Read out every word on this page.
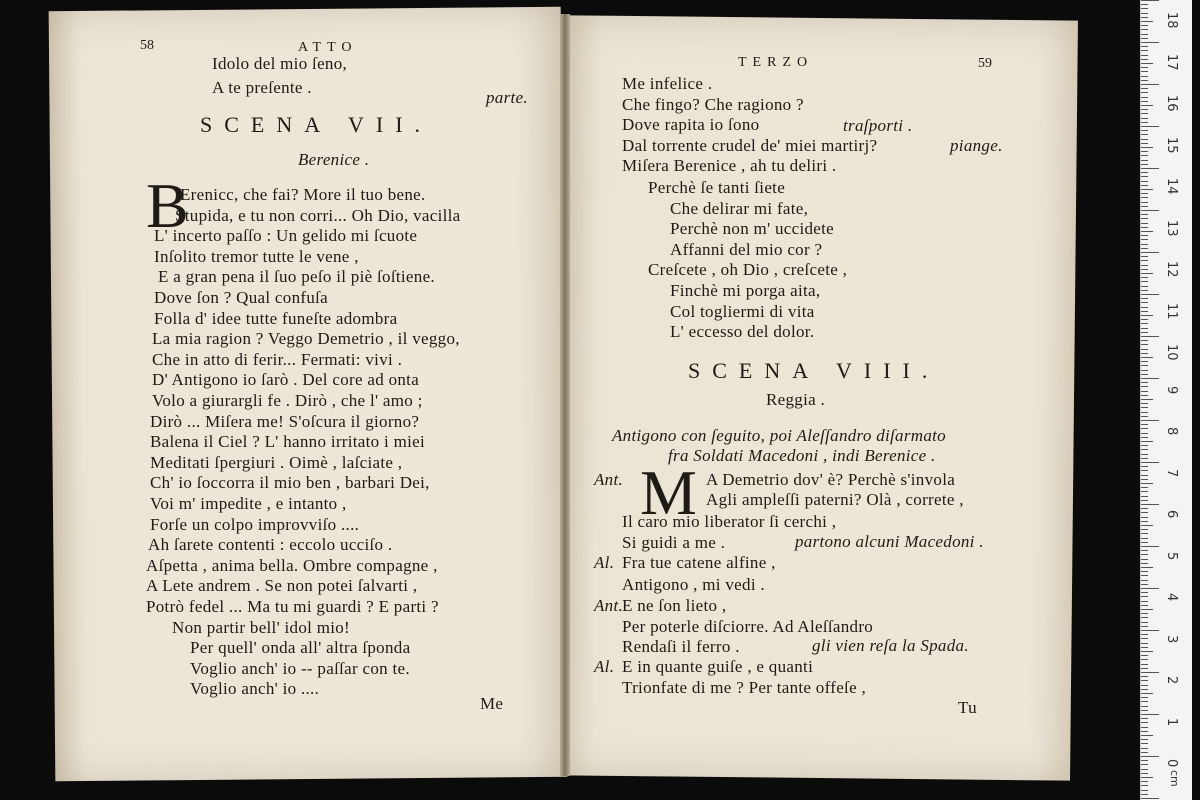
58	ATTO
Idolo del mio ſeno,
A te preſente .
parte.
SCENA VII.
Berenice .
B
Erenicc, che fai? More il tuo bene.
Stupida, e tu non corri... Oh Dio, vacilla
L' incerto paſſo : Un gelido mi ſcuote
Inſolito tremor tutte le vene ,
E a gran pena il ſuo peſo il piè ſoſtiene.
Dove ſon ? Qual confuſa
Folla d' idee tutte funeſte adombra
La mia ragion ? Veggo Demetrio , il veggo,
Che in atto di ferir... Fermati: vivi .
D' Antigono io ſarò . Del core ad onta
Volo a giurargli fe . Dirò , che l' amo ;
Dirò ... Miſera me! S'oſcura il giorno?
Balena il Ciel ? L' hanno irritato i miei
Meditati ſpergiuri . Oimè , laſciate ,
Ch' io ſoccorra il mio ben , barbari Dei,
Voi m' impedite , e intanto ,
Forſe un colpo improvviſo ....
Ah ſarete contenti : eccolo ucciſo .
Aſpetta , anima bella. Ombre compagne ,
A Lete andrem . Se non potei ſalvarti ,
Potrò fedel ... Ma tu mi guardi ? E parti ?
Non partir bell' idol mio!
Per quell' onda all' altra ſponda
Voglio anch' io -- paſſar con te.
Voglio anch' io ....
Me
TERZO	59
Me infelice .
Che fingo? Che ragiono ?
Dove rapita io ſono
Dal torrente crudel de' miei martirj?
Miſera Berenice , ah tu deliri .
traſporti .
piange.
Perchè ſe tanti ſiete
Che delirar mi fate,
Perchè non m' uccidete
Affanni del mio cor ?
Creſcete , oh Dio , creſcete ,
Finchè mi porga aita,
Col togliermi di vita
L' eccesso del dolor.
SCENA VIII.
Reggia .
Antigono con ſeguito, poi Aleſſandro diſarmato
fra Soldati Macedoni , indi Berenice .
M
Ant.	A Demetrio dov' è? Perchè s'invola
Agli ampleſſi paterni? Olà , correte ,
Il caro mio liberator ſi cerchi ,
Si guidi a me .
Al. Fra tue catene alfine ,
Antigono , mi vedi .
Ant.
E ne ſon lieto ,
Per poterle diſciorre. Ad Aleſſandro
Rendaſi il ferro .
Al. E in quante guiſe , e quanti
Trionfate di me ? Per tante offeſe ,
partono alcuni Macedoni .
gli vien reſa la Spada.
Tu
18
17
16
15
14
13
12
11
10
9
8
7
6
5
4
3
2
1
0
cm
